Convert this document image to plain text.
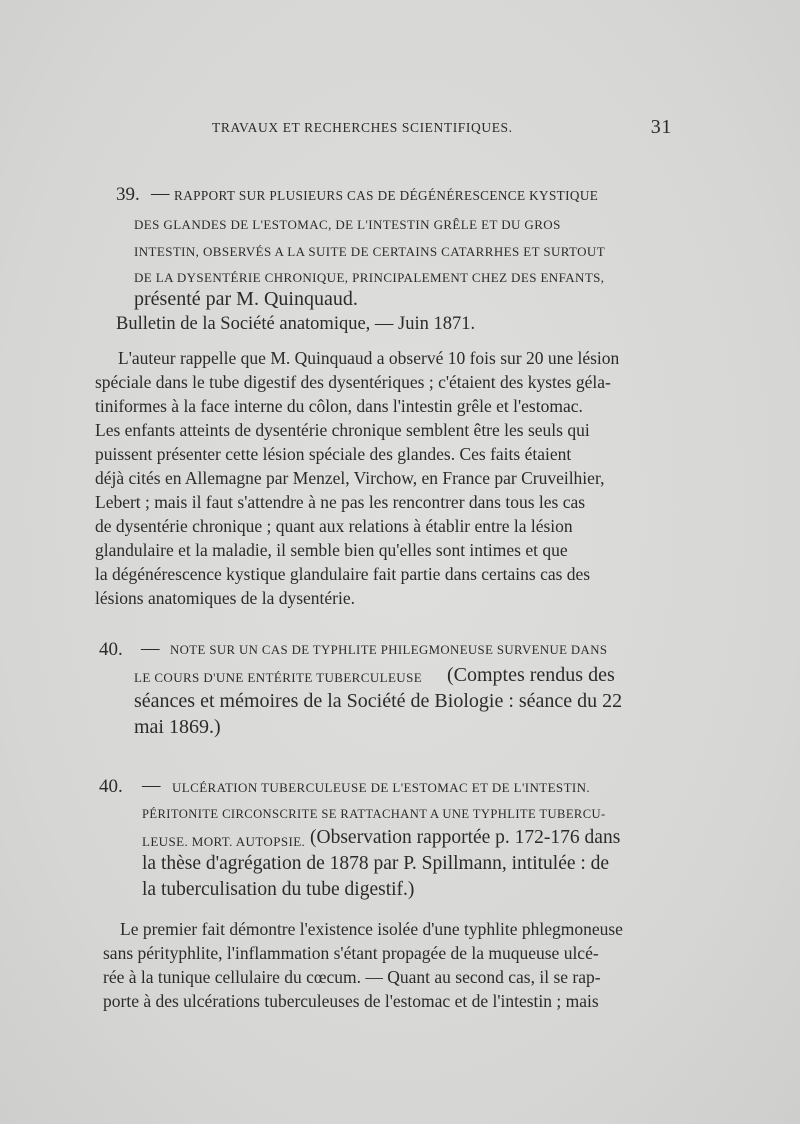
TRAVAUX ET RECHERCHES SCIENTIFIQUES.	31
39. — RAPPORT SUR PLUSIEURS CAS DE DÉGÉNÉRESCENCE KYSTIQUE
DES GLANDES DE L'ESTOMAC, DE L'INTESTIN GRÊLE ET DU GROS
INTESTIN, OBSERVÉS A LA SUITE DE CERTAINS CATARRHES ET SURTOUT
DE LA DYSENTÉRIE CHRONIQUE, PRINCIPALEMENT CHEZ DES ENFANTS,
présenté par M. Quinquaud.
Bulletin de la Société anatomique, — Juin 1871.
L'auteur rappelle que M. Quinquaud a observé 10 fois sur 20 une lésion
spéciale dans le tube digestif des dysentériques ; c'étaient des kystes géla-
tiniformes à la face interne du côlon, dans l'intestin grêle et l'estomac.
Les enfants atteints de dysentérie chronique semblent être les seuls qui
puissent présenter cette lésion spéciale des glandes. Ces faits étaient
déjà cités en Allemagne par Menzel, Virchow, en France par Cruveilhier,
Lebert ; mais il faut s'attendre à ne pas les rencontrer dans tous les cas
de dysentérie chronique ; quant aux relations à établir entre la lésion
glandulaire et la maladie, il semble bien qu'elles sont intimes et que
la dégénérescence kystique glandulaire fait partie dans certains cas des
lésions anatomiques de la dysentérie.
40. — NOTE SUR UN CAS DE TYPHLITE PHILEGMONEUSE SURVENUE DANS
LE COURS D'UNE ENTÉRITE TUBERCULEUSE (Comptes rendus des
séances et mémoires de la Société de Biologie : séance du 22
mai 1869.)
40. — ULCÉRATION TUBERCULEUSE DE L'ESTOMAC ET DE L'INTESTIN.
PÉRITONITE CIRCONSCRITE SE RATTACHANT A UNE TYPHLITE TUBERCU-
LEUSE. MORT. AUTOPSIE. (Observation rapportée p. 172-176 dans
la thèse d'agrégation de 1878 par P. Spillmann, intitulée : de
la tuberculisation du tube digestif.)
Le premier fait démontre l'existence isolée d'une typhlite phlegmoneuse
sans pérityphlite, l'inflammation s'étant propagée de la muqueuse ulcé-
rée à la tunique cellulaire du cœcum. — Quant au second cas, il se rap-
porte à des ulcérations tuberculeuses de l'estomac et de l'intestin ; mais
